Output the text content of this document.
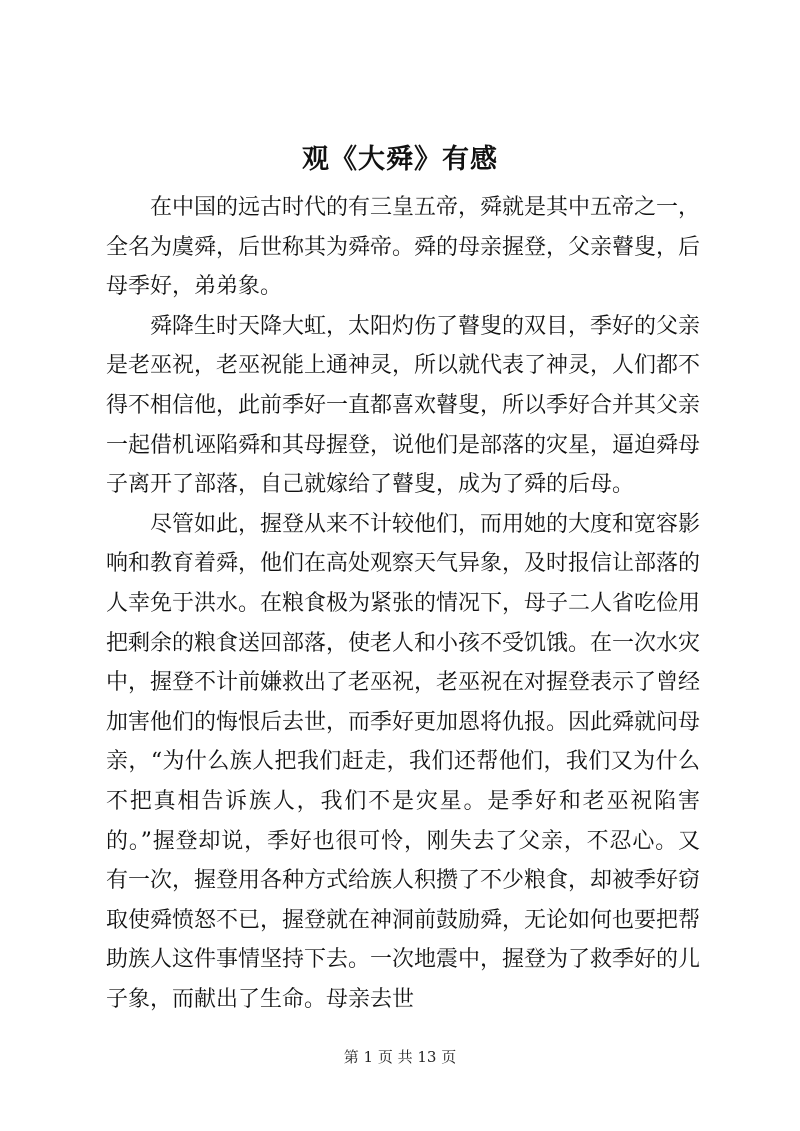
观《大舜》有感

在中国的远古时代的有三皇五帝，舜就是其中五帝之一，全名为虞舜，后世称其为舜帝。舜的母亲握登，父亲瞽叟，后母季好，弟弟象。

舜降生时天降大虹，太阳灼伤了瞽叟的双目，季好的父亲是老巫祝，老巫祝能上通神灵，所以就代表了神灵，人们都不得不相信他，此前季好一直都喜欢瞽叟，所以季好合并其父亲一起借机诬陷舜和其母握登，说他们是部落的灾星，逼迫舜母子离开了部落，自己就嫁给了瞽叟，成为了舜的后母。

尽管如此，握登从来不计较他们，而用她的大度和宽容影响和教育着舜，他们在高处观察天气异象，及时报信让部落的人幸免于洪水。在粮食极为紧张的情况下，母子二人省吃俭用把剩余的粮食送回部落，使老人和小孩不受饥饿。在一次水灾中，握登不计前嫌救出了老巫祝，老巫祝在对握登表示了曾经加害他们的悔恨后去世，而季好更加恩将仇报。因此舜就问母亲，“为什么族人把我们赶走，我们还帮他们，我们又为什么不把真相告诉族人，我们不是灾星。是季好和老巫祝陷害的。”握登却说，季好也很可怜，刚失去了父亲，不忍心。又有一次，握登用各种方式给族人积攒了不少粮食，却被季好窃取使舜愤怒不已，握登就在神洞前鼓励舜，无论如何也要把帮助族人这件事情坚持下去。一次地震中，握登为了救季好的儿子象，而献出了生命。母亲去世

第 1 页 共 13 页
